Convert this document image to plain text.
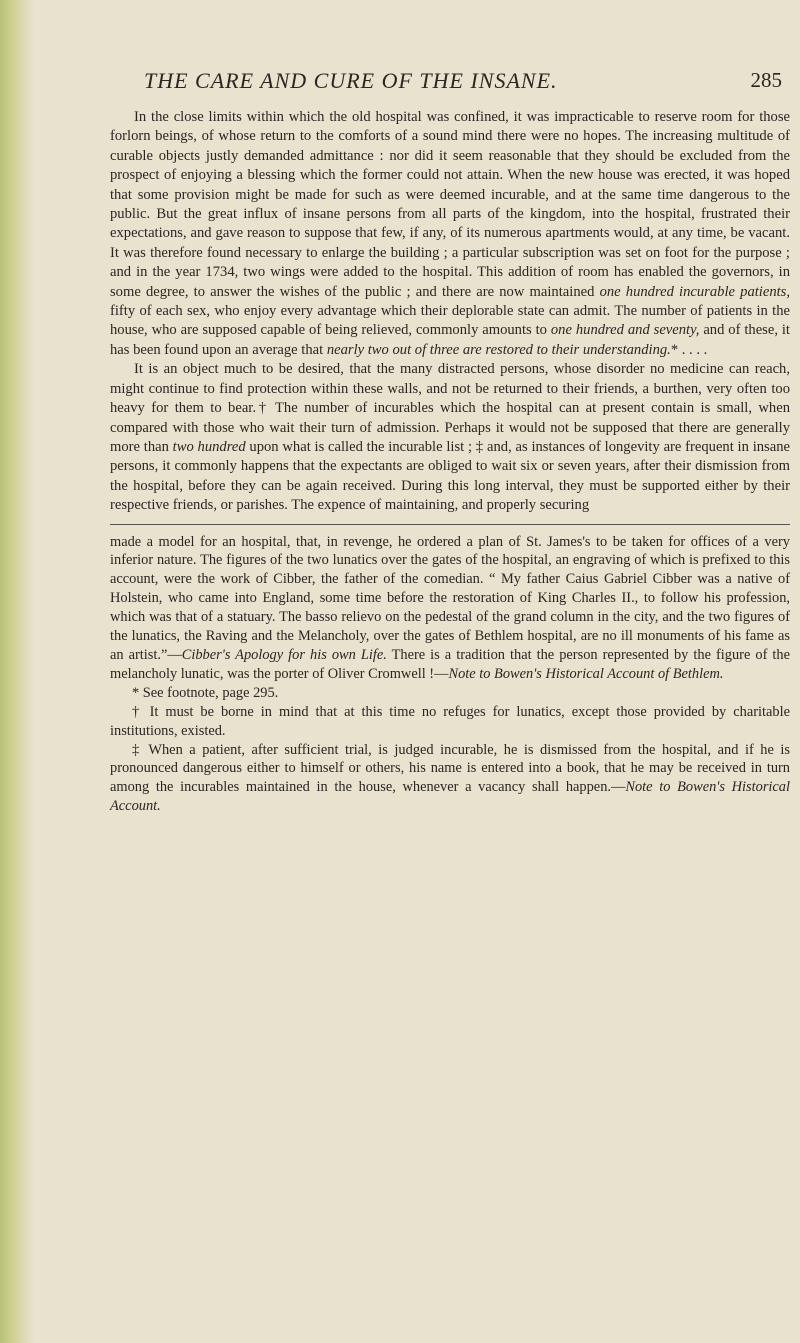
THE CARE AND CURE OF THE INSANE.	285

In the close limits within which the old hospital was confined, it was impracticable to reserve room for those forlorn beings, of whose return to the comforts of a sound mind there were no hopes. The increasing multitude of curable objects justly demanded admittance : nor did it seem reasonable that they should be excluded from the prospect of enjoying a blessing which the former could not attain. When the new house was erected, it was hoped that some provision might be made for such as were deemed incurable, and at the same time dangerous to the public. But the great influx of insane persons from all parts of the kingdom, into the hospital, frustrated their expectations, and gave reason to suppose that few, if any, of its numerous apartments would, at any time, be vacant. It was therefore found necessary to enlarge the building ; a particular subscription was set on foot for the purpose ; and in the year 1734, two wings were added to the hospital. This addition of room has enabled the governors, in some degree, to answer the wishes of the public ; and there are now maintained one hundred incurable patients, fifty of each sex, who enjoy every advantage which their deplorable state can admit. The number of patients in the house, who are supposed capable of being relieved, commonly amounts to one hundred and seventy, and of these, it has been found upon an average that nearly two out of three are restored to their understanding.* . . . .

It is an object much to be desired, that the many distracted persons, whose disorder no medicine can reach, might continue to find protection within these walls, and not be returned to their friends, a burthen, very often too heavy for them to bear.† The number of incurables which the hospital can at present contain is small, when compared with those who wait their turn of admission. Perhaps it would not be supposed that there are generally more than two hundred upon what is called the incurable list ; ‡ and, as instances of longevity are frequent in insane persons, it commonly happens that the expectants are obliged to wait six or seven years, after their dismission from the hospital, before they can be again received. During this long interval, they must be supported either by their respective friends, or parishes. The expence of maintaining, and properly securing

made a model for an hospital, that, in revenge, he ordered a plan of St. James's to be taken for offices of a very inferior nature. The figures of the two lunatics over the gates of the hospital, an engraving of which is prefixed to this account, were the work of Cibber, the father of the comedian. “ My father Caius Gabriel Cibber was a native of Holstein, who came into England, some time before the restoration of King Charles II., to follow his profession, which was that of a statuary. The basso relievo on the pedestal of the grand column in the city, and the two figures of the lunatics, the Raving and the Melancholy, over the gates of Bethlem hospital, are no ill monuments of his fame as an artist.”—Cibber's Apology for his own Life. There is a tradition that the person represented by the figure of the melancholy lunatic, was the porter of Oliver Cromwell !—Note to Bowen's Historical Account of Bethlem.

* See footnote, page 295.

† It must be borne in mind that at this time no refuges for lunatics, except those provided by charitable institutions, existed.

‡ When a patient, after sufficient trial, is judged incurable, he is dismissed from the hospital, and if he is pronounced dangerous either to himself or others, his name is entered into a book, that he may be received in turn among the incurables maintained in the house, whenever a vacancy shall happen.—Note to Bowen's Historical Account.
